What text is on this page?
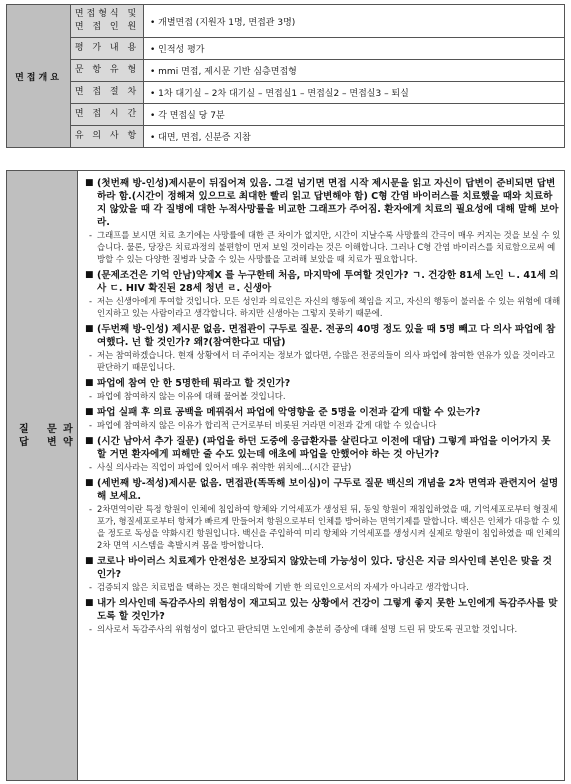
면접개요	면접형식 및
면 접 인 원	• 개별면접 (지원자 1명, 면접관 3명)
	평 가 내 용	• 인적성 평가
	문 항 유 형	• mmi 면접, 제시문 기반 심층면접형
	면 접 절 차	• 1차 대기실 – 2차 대기실 – 면접실1 – 면접실2 – 면접실3 – 퇴실
	면 접 시 간	• 각 면접실 당 7분
	유 의 사 항	• 대면, 면접, 신분증 지참
질
답
문
변
과
약
■ (첫번째 방-인성)제시문이 뒤집어져 있음. 그걸 넘기면 면접 시작 제시문을 읽고 자신이 답변이 준비되면 답변하라 함.(시간이 정해져 있으므로 최대한 빨리 읽고 답변해야 함) C형 간염 바이러스를 치료했을 때와 치료하지 않았을 때 각 질병에 대한 누적사망률을 비교한 그래프가 주어짐. 환자에게 치료의 필요성에 대해 말해 보아라.
- 그래프를 보시면 치료 초기에는 사망률에 대한 큰 차이가 없지만, 시간이 지날수록 사망률의 간극이 매우 커지는 것을 보실 수 있습니다. 물론, 당장은 치료과정의 불편함이 먼저 보일 것이라는 것은 이해합니다. 그러나 C형 간염 바이러스를 치료함으로써 예방할 수 있는 다양한 질병과 낮출 수 있는 사망률을 고려해 보았을 때 치료가 필요합니다.
■ (문제조건은 기억 안남)약제X 를 누구한테 처음, 마지막에 투여할 것인가? ㄱ. 건강한 81세 노인 ㄴ. 41세 의사 ㄷ. HIV 확진된 28세 청년 ㄹ. 신생아
- 저는 신생아에게 투여할 것입니다. 모든 성인과 의료인은 자신의 행동에 책임을 지고, 자신의 행동이 불러올 수 있는 위험에 대해 인지하고 있는 사람이라고 생각합니다. 하지만 신생아는 그렇지 못하기 때문에.
■ (두번째 방-인성) 제시문 없음. 면접관이 구두로 질문. 전공의 40명 정도 있을 때 5명 빼고 다 의사 파업에 참여했다. 넌 할 것인가? 왜?(참여한다고 대답)
- 저는 참여하겠습니다. 현재 상황에서 더 주어지는 정보가 없다면, 수많은 전공의들이 의사 파업에 참여한 연유가 있을 것이라고 판단하기 때문입니다.
■ 파업에 참여 안 한 5명한테 뭐라고 할 것인가?
- 파업에 참여하지 않는 이유에 대해 물어볼 것입니다.
■ 파업 실패 후 의료 공백을 메꿔줘서 파업에 악영향을 준 5명을 이전과 같게 대할 수 있는가?
- 파업에 참여하지 않은 이유가 합리적 근거로부터 비롯된 거라면 이전과 같게 대할 수 있습니다
■ (시간 남아서 추가 질문) (파업을 하던 도중에 응급환자를 살린다고 이전에 대답) 그렇게 파업을 이어가지 못 할 거면 환자에게 피해만 줄 수도 있는데 애초에 파업을 안했어야 하는 것 아닌가?
- 사실 의사라는 직업이 파업에 있어서 매우 취약한 위치에...(시간 끝남)
■ (세번째 방-적성)제시문 없음. 면접관(똑똑해 보이심)이 구두로 질문 백신의 개념을 2차 면역과 관련지어 설명해 보세요.
- 2차면역이란 특정 항원이 인체에 침입하여 항체와 기억세포가 생성된 뒤, 동일 항원이 재침입하였을 때, 기억세포로부터 형질세포가, 형질세포로부터 항체가 빠르게 만들어져 항원으로부터 인체를 방어하는 면역기제를 말합니다. 백신은 인체가 대응할 수 있을 정도로 독성을 약화시킨 항원입니다. 백신을 주입하여 미리 항체와 기억세포를 생성시켜 실제로 항원이 침입하였을 때 인체의 2차 면역 시스템을 촉발시켜 몸을 방어합니다.
■ 코로나 바이러스 치료제가 안전성은 보장되지 않았는데 가능성이 있다. 당신은 지금 의사인데 본인은 맞을 것인가?
- 검증되지 않은 치료법을 택하는 것은 현대의학에 기반 한 의료인으로서의 자세가 아니라고 생각합니다.
■ 내가 의사인데 독감주사의 위험성이 재고되고 있는 상황에서 건강이 그렇게 좋지 못한 노인에게 독감주사를 맞도록 할 것인가?
- 의사로서 독감주사의 위험성이 없다고 판단되면 노인에게 충분히 증상에 대해 설명 드린 뒤 맞도록 권고할 것입니다.
